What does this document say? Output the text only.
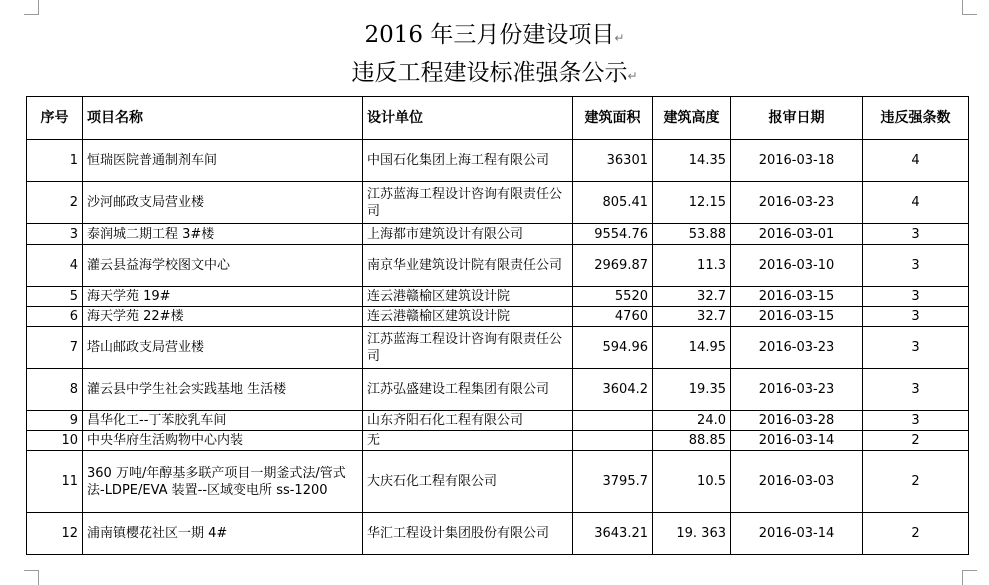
2016 年三月份建设项目↵
违反工程建设标准强条公示↵
序号	项目名称	设计单位	建筑面积	建筑高度	报审日期	违反强条数
1	恒瑞医院普通制剂车间	中国石化集团上海工程有限公司	36301	14.35	2016-03-18	4
2	沙河邮政支局营业楼	江苏蓝海工程设计咨询有限责任公司	805.41	12.15	2016-03-23	4
3	泰润城二期工程 3#楼	上海都市建筑设计有限公司	9554.76	53.88	2016-03-01	3
4	灌云县益海学校图文中心	南京华业建筑设计院有限责任公司	2969.87	11.3	2016-03-10	3
5	海天学苑 19#	连云港赣榆区建筑设计院	5520	32.7	2016-03-15	3
6	海天学苑 22#楼	连云港赣榆区建筑设计院	4760	32.7	2016-03-15	3
7	塔山邮政支局营业楼	江苏蓝海工程设计咨询有限责任公司	594.96	14.95	2016-03-23	3
8	灌云县中学生社会实践基地 生活楼	江苏弘盛建设工程集团有限公司	3604.2	19.35	2016-03-23	3
9	昌华化工--丁苯胶乳车间	山东齐阳石化工程有限公司		24.0	2016-03-28	3
10	中央华府生活购物中心内装	无		88.85	2016-03-14	2
11	360 万吨/年醇基多联产项目一期釜式法/管式法-LDPE/EVA 装置--区域变电所 ss-1200	大庆石化工程有限公司	3795.7	10.5	2016-03-03	2
12	浦南镇樱花社区一期 4#	华汇工程设计集团股份有限公司	3643.21	19. 363	2016-03-14	2
